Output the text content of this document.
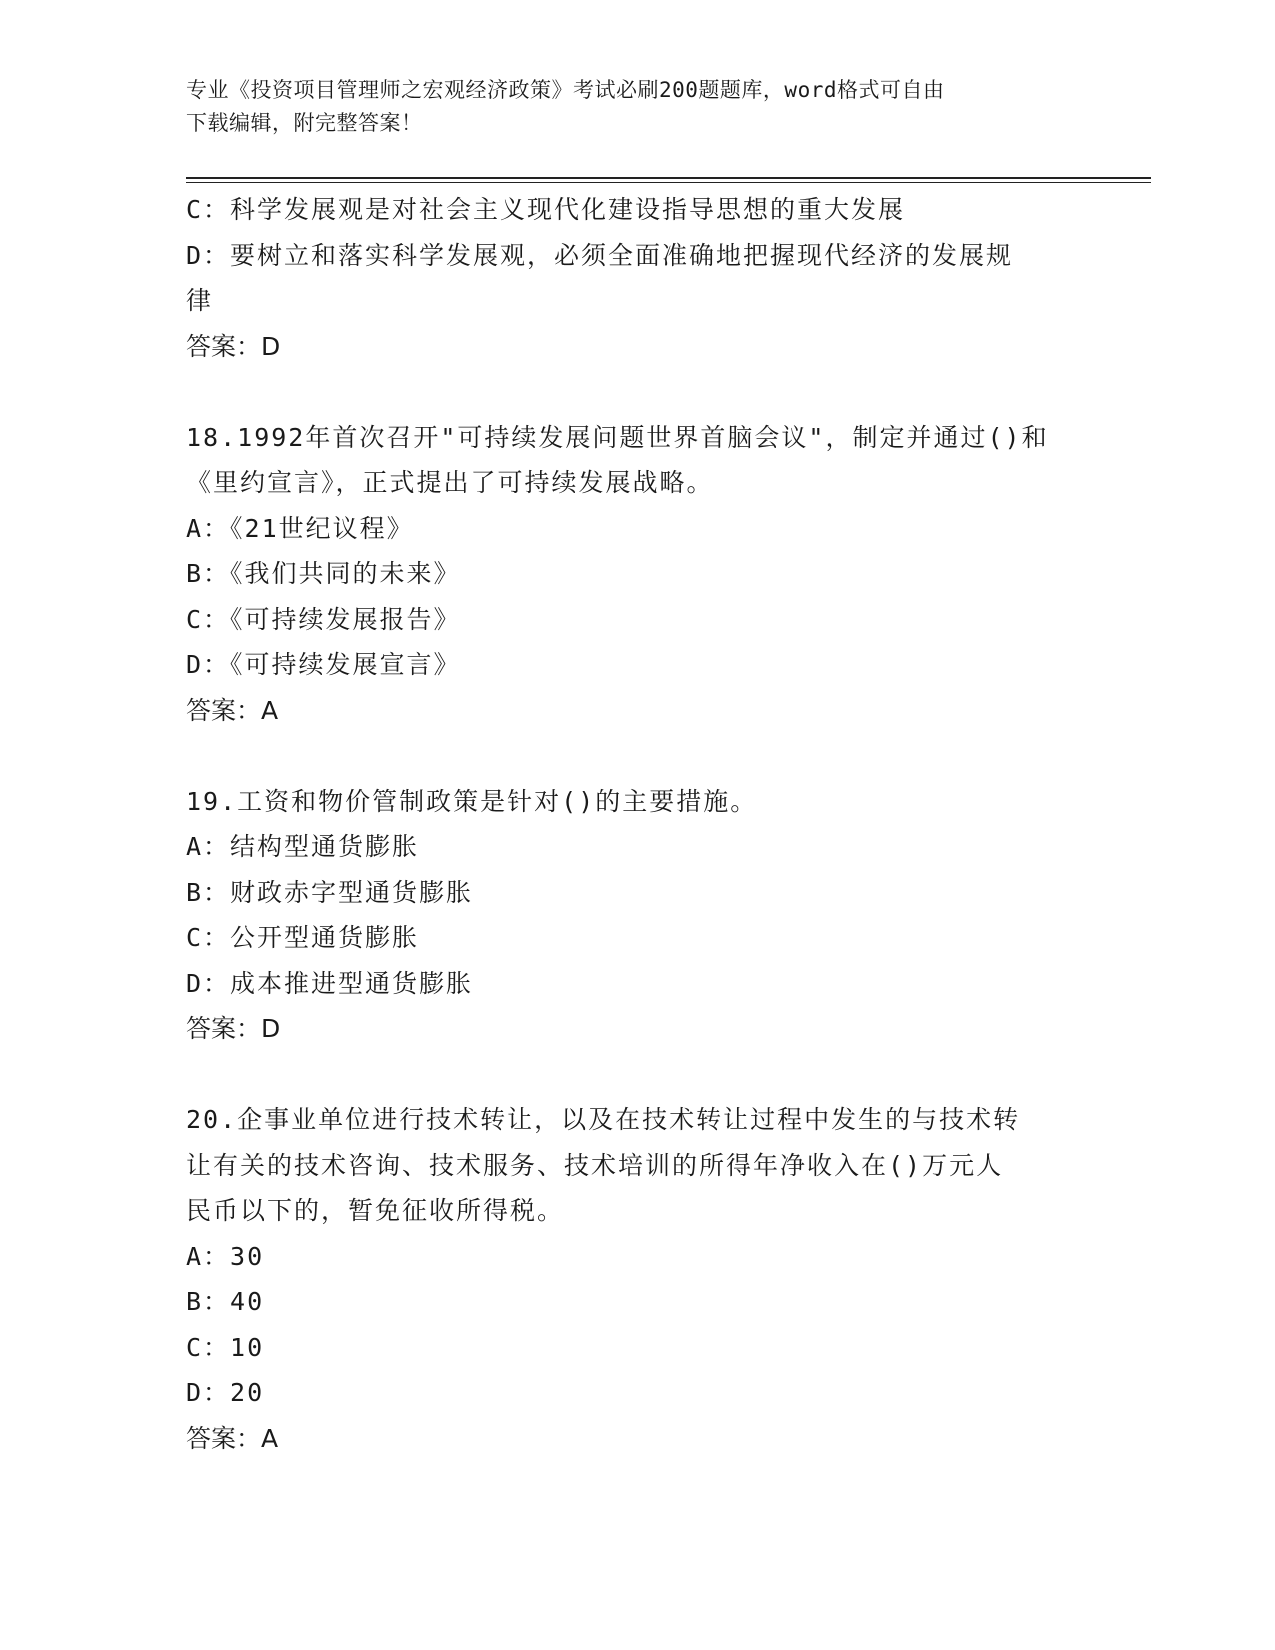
专业《投资项目管理师之宏观经济政策》考试必刷200题题库，word格式可自由
下载编辑，附完整答案！
C：科学发展观是对社会主义现代化建设指导思想的重大发展
D：要树立和落实科学发展观，必须全面准确地把握现代经济的发展规
律
答案：D
18.1992年首次召开"可持续发展问题世界首脑会议"，制定并通过()和
《里约宣言》，正式提出了可持续发展战略。
A：《21世纪议程》
B：《我们共同的未来》
C：《可持续发展报告》
D：《可持续发展宣言》
答案：A
19.工资和物价管制政策是针对()的主要措施。
A：结构型通货膨胀
B：财政赤字型通货膨胀
C：公开型通货膨胀
D：成本推进型通货膨胀
答案：D
20.企事业单位进行技术转让，以及在技术转让过程中发生的与技术转
让有关的技术咨询、技术服务、技术培训的所得年净收入在()万元人
民币以下的，暂免征收所得税。
A：30
B：40
C：10
D：20
答案：A
